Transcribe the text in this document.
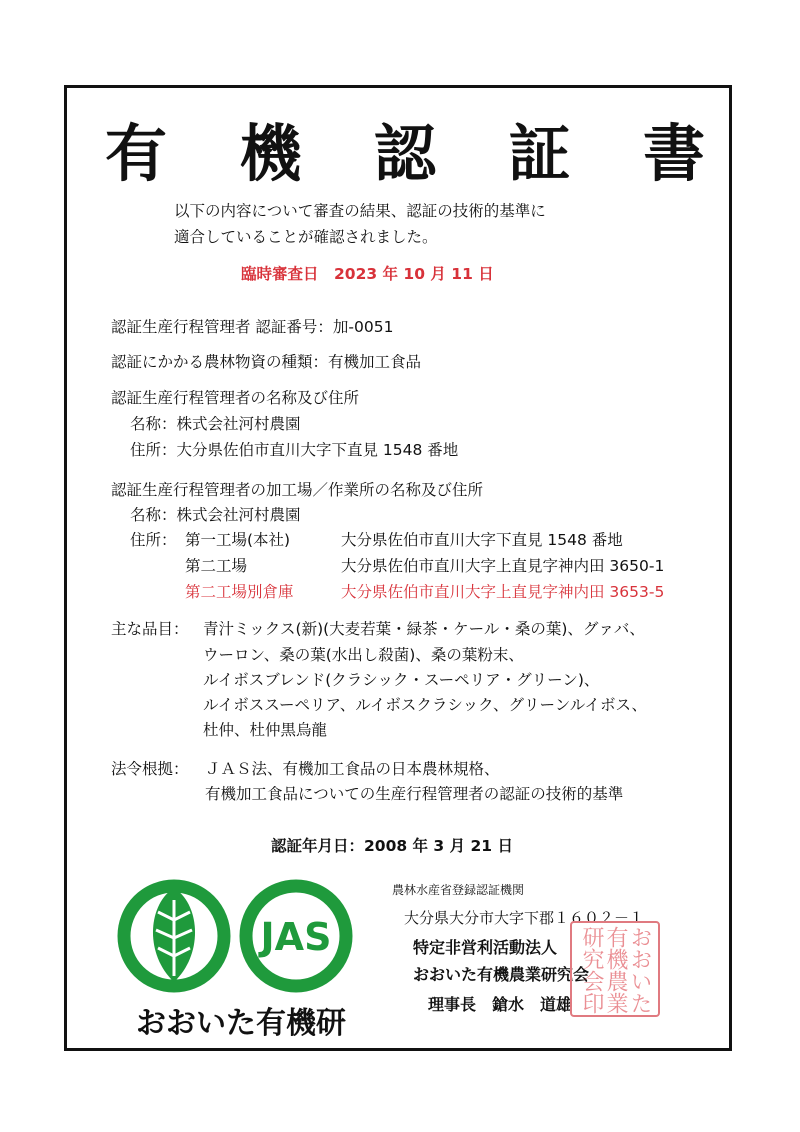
有 機 認 証 書
以下の内容について審査の結果、認証の技術的基準に
適合していることが確認されました。
臨時審査日　2023 年 10 月 11 日
認証生産行程管理者 認証番号：加-0051
認証にかかる農林物資の種類：有機加工食品
認証生産行程管理者の名称及び住所
名称：株式会社河村農園
住所：大分県佐伯市直川大字下直見 1548 番地
認証生産行程管理者の加工場／作業所の名称及び住所
名称：株式会社河村農園
住所： 第一工場(本社)	大分県佐伯市直川大字下直見 1548 番地
第二工場	大分県佐伯市直川大字上直見字神内田 3650-1
第二工場別倉庫	大分県佐伯市直川大字上直見字神内田 3653-5
主な品目： 青汁ミックス(新)(大麦若葉・緑茶・ケール・桑の葉)、グァバ、
ウーロン、桑の葉(水出し殺菌)、桑の葉粉末、
ルイボスブレンド(クラシック・スーペリア・グリーン)、
ルイボススーペリア、ルイボスクラシック、グリーンルイボス、
杜仲、杜仲黒烏龍
法令根拠： ＪＡＳ法、有機加工食品の日本農林規格、
有機加工食品についての生産行程管理者の認証の技術的基準
認証年月日：2008 年 3 月 21 日
JAS
おおいた有機研
農林水産省登録認証機関
大分県大分市大字下郡１６０２－１
特定非営利活動法人
おおいた有機農業研究会
理事長　鎗水　道雄 おおいた
有機農業
研究会印
